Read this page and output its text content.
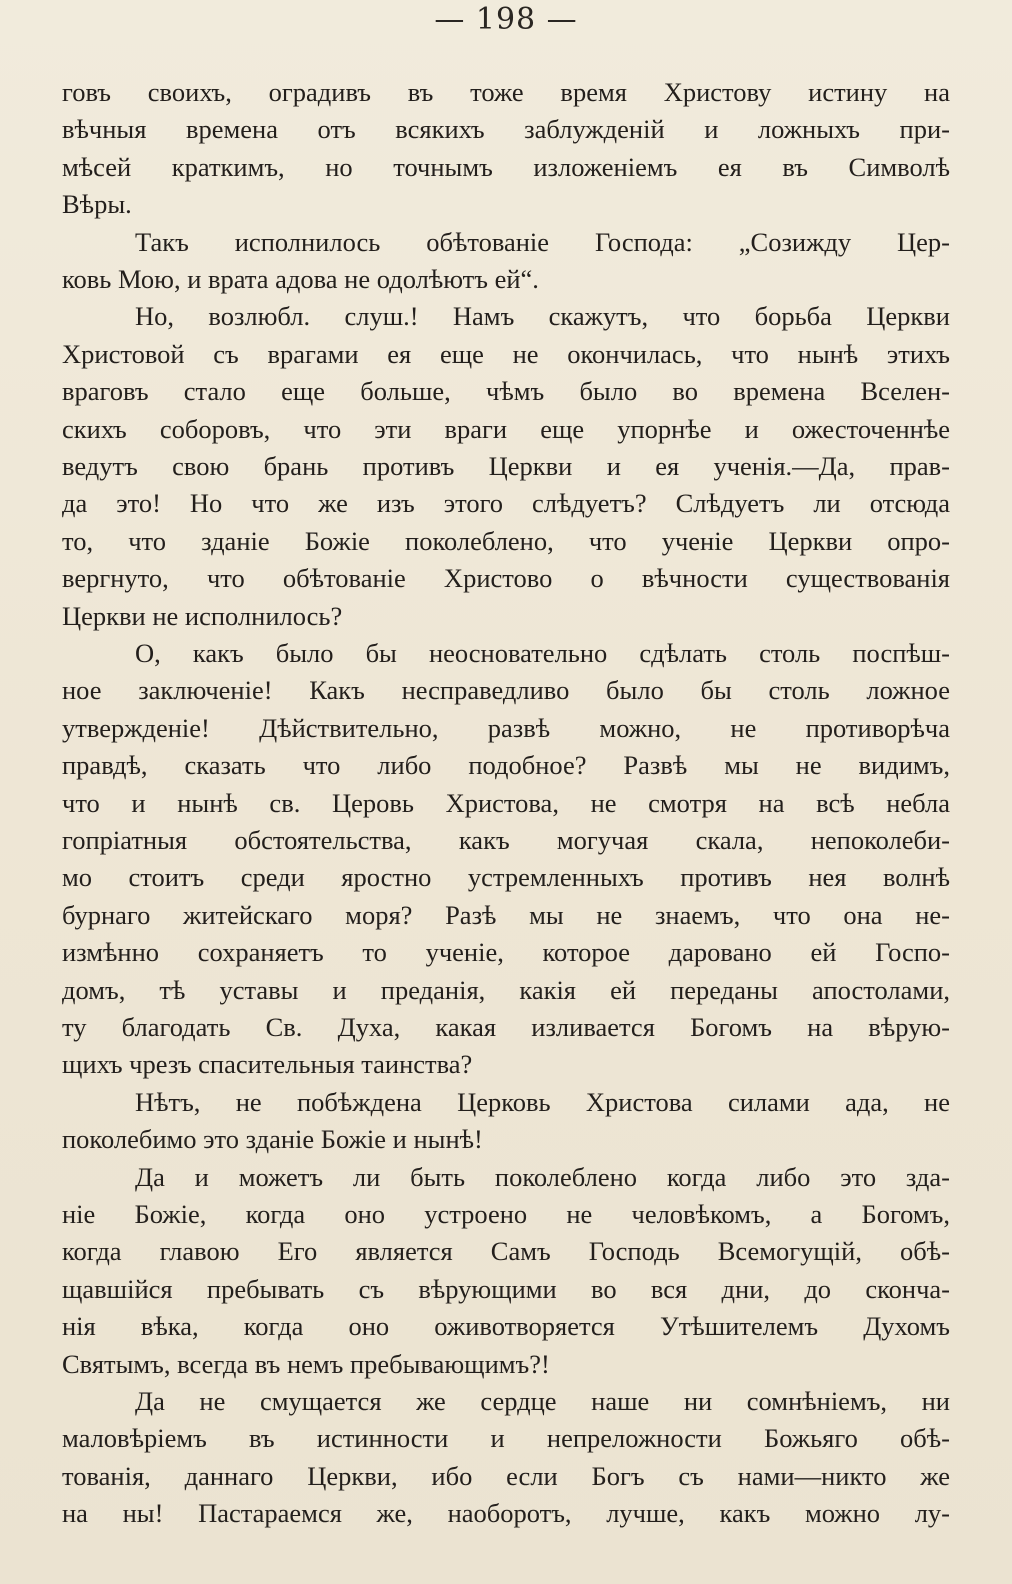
— 198 —
говъ своихъ, оградивъ въ тоже время Христову истину на
вѣчныя времена отъ всякихъ заблужденій и ложныхъ при-
мѣсей краткимъ, но точнымъ изложеніемъ ея въ Символѣ
Вѣры.
Такъ исполнилось обѣтованіе Господа: „Созижду Цер-
ковь Мою, и врата адова не одолѣютъ ей“.
Но, возлюбл. слуш.! Намъ скажутъ, что борьба Церкви
Христовой съ врагами ея еще не окончилась, что нынѣ этихъ
враговъ стало еще больше, чѣмъ было во времена Вселен-
скихъ соборовъ, что эти враги еще упорнѣе и ожесточеннѣе
ведутъ свою брань противъ Церкви и ея ученія.—Да, прав-
да это! Но что же изъ этого слѣдуетъ? Слѣдуетъ ли отсюда
то, что зданіе Божіе поколеблено, что ученіе Церкви опро-
вергнуто, что обѣтованіе Христово о вѣчности существованія
Церкви не исполнилось?
О, какъ было бы неосновательно сдѣлать столь поспѣш-
ное заключеніе! Какъ несправедливо было бы столь ложное
утвержденіе! Дѣйствительно, развѣ можно, не противорѣча
правдѣ, сказать что либо подобное? Развѣ мы не видимъ,
что и нынѣ св. Церовь Христова, не смотря на всѣ небла
гопріатныя обстоятельства, какъ могучая скала, непоколеби-
мо стоитъ среди яростно устремленныхъ противъ нея волнѣ
бурнаго житейскаго моря? Разѣ мы не знаемъ, что она не-
измѣнно сохраняетъ то ученіе, которое даровано ей Госпо-
домъ, тѣ уставы и преданія, какія ей переданы апостолами,
ту благодать Св. Духа, какая изливается Богомъ на вѣрую-
щихъ чрезъ спасительныя таинства?
Нѣтъ, не побѣждена Церковь Христова силами ада, не
поколебимо это зданіе Божіе и нынѣ!
Да и можетъ ли быть поколеблено когда либо это зда-
ніе Божіе, когда оно устроено не человѣкомъ, а Богомъ,
когда главою Его является Самъ Господь Всемогущій, обѣ-
щавшійся пребывать съ вѣрующими во вся дни, до сконча-
нія вѣка, когда оно оживотворяется Утѣшителемъ Духомъ
Святымъ, всегда въ немъ пребывающимъ?!
Да не смущается же сердце наше ни сомнѣніемъ, ни
маловѣріемъ въ истинности и непреложности Божьяго обѣ-
тованія, даннаго Церкви, ибо если Богъ съ нами—никто же
на ны! Пастараемся же, наоборотъ, лучше, какъ можно лу-
